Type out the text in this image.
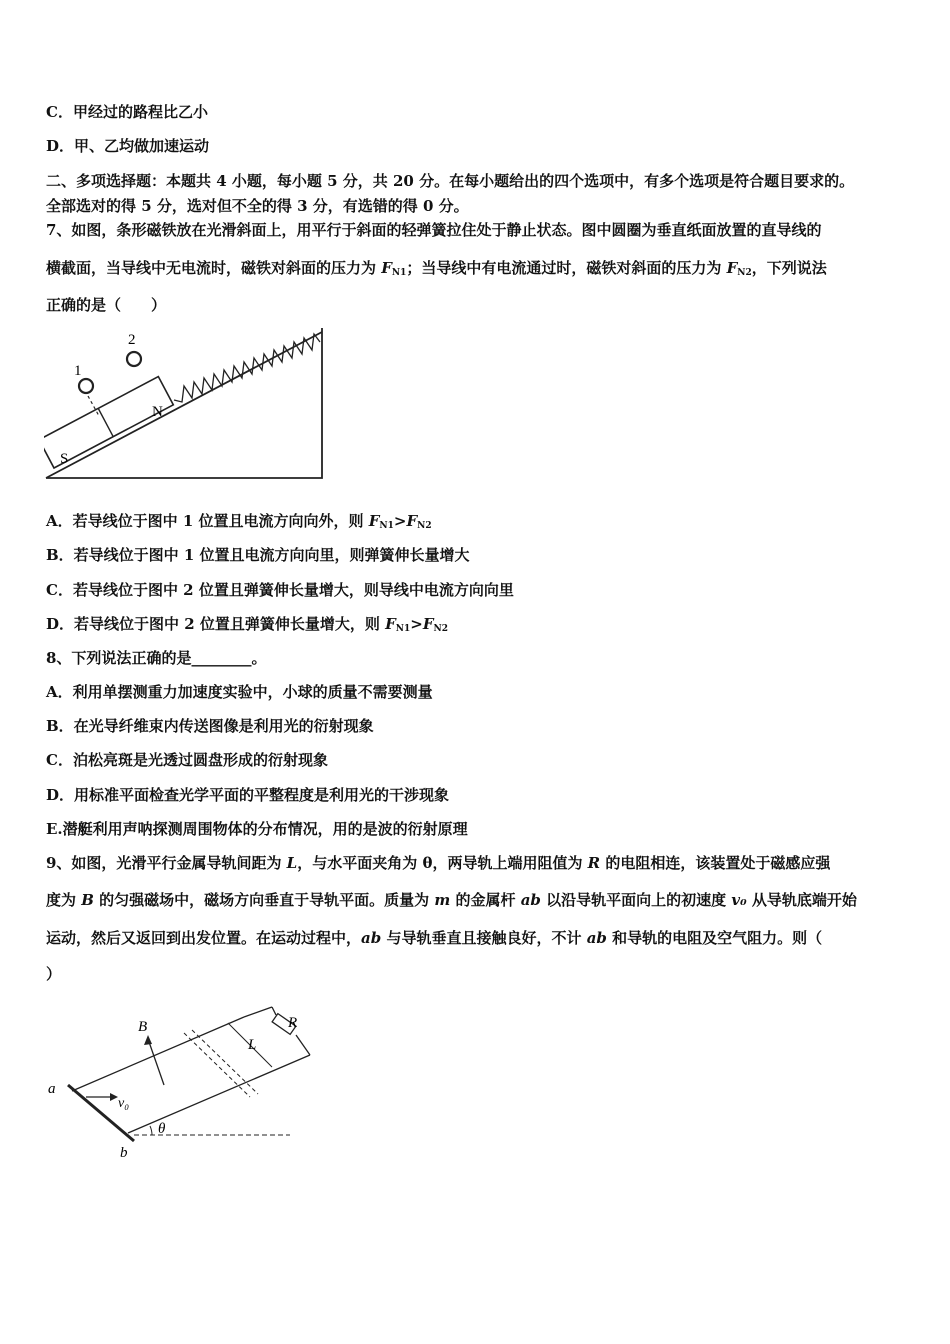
C．甲经过的路程比乙小
D．甲、乙均做加速运动
二、多项选择题：本题共 4 小题，每小题 5 分，共 20 分。在每小题给出的四个选项中，有多个选项是符合题目要求的。
全部选对的得 5 分，选对但不全的得 3 分，有选错的得 0 分。
7、如图，条形磁铁放在光滑斜面上，用平行于斜面的轻弹簧拉住处于静止状态。图中圆圈为垂直纸面放置的直导线的
横截面，当导线中无电流时，磁铁对斜面的压力为 $F_{N1}$；当导线中有电流通过时，磁铁对斜面的压力为 $F_{N2}$，下列说法
正确的是（　　）
1
2
N
S
A．若导线位于图中 1 位置且电流方向向外，则 $F_{N1}>F_{N2}$
B．若导线位于图中 1 位置且电流方向向里，则弹簧伸长量增大
C．若导线位于图中 2 位置且弹簧伸长量增大，则导线中电流方向向里
D．若导线位于图中 2 位置且弹簧伸长量增大，则 $F_{N1}>F_{N2}$
8、下列说法正确的是________。
A．利用单摆测重力加速度实验中，小球的质量不需要测量
B．在光导纤维束内传送图像是利用光的衍射现象
C．泊松亮斑是光透过圆盘形成的衍射现象
D．用标准平面检查光学平面的平整程度是利用光的干涉现象
E.潜艇利用声呐探测周围物体的分布情况，用的是波的衍射原理
9、如图，光滑平行金属导轨间距为 L，与水平面夹角为 θ，两导轨上端用阻值为 R 的电阻相连，该装置处于磁感应强
度为 B 的匀强磁场中，磁场方向垂直于导轨平面。质量为 m 的金属杆 ab 以沿导轨平面向上的初速度 v₀ 从导轨底端开始
运动，然后又返回到出发位置。在运动过程中，ab 与导轨垂直且接触良好，不计 ab 和导轨的电阻及空气阻力。则（
）
B	R
L
a
b
v₀
θ
